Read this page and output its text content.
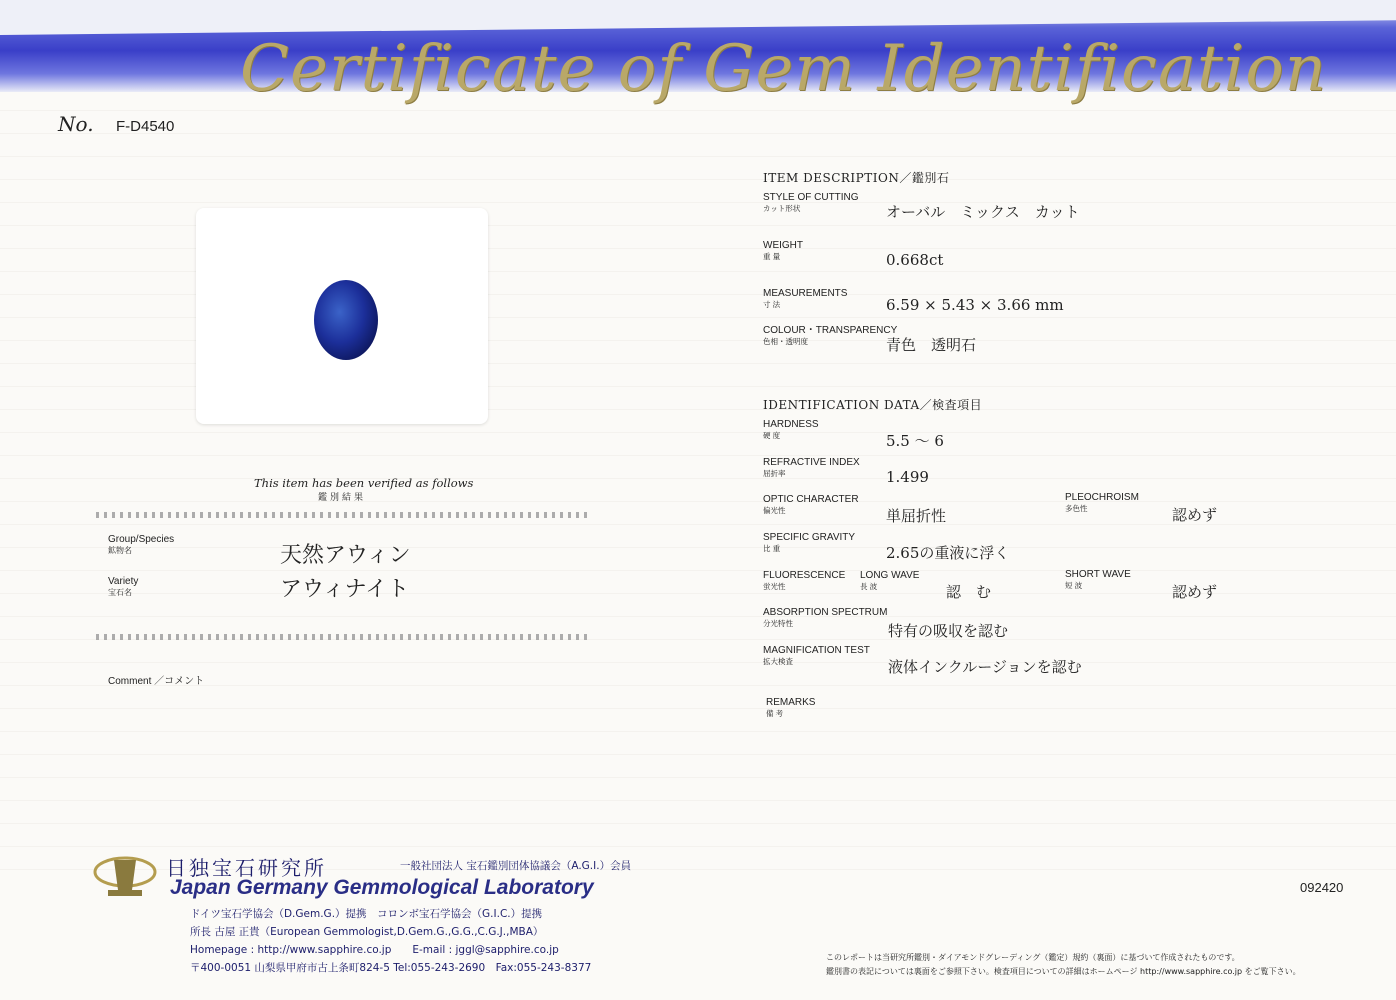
Certificate of Gem Identification
No. F-D4540
This item has been verified as follows
鑑別結果
Group/Species
鉱物名	天然アウィン
Variety
宝石名	アウィナイト
Comment ／コメント
ITEM DESCRIPTION／鑑別石
STYLE OF CUTTING
カット形状	オーバル　ミックス　カット
WEIGHT
重 量	0.668ct
MEASUREMENTS
寸 法	6.59 × 5.43 × 3.66 mm
COLOUR・TRANSPARENCY
色相・透明度	青色　透明石
IDENTIFICATION DATA／検査項目
HARDNESS
硬 度	5.5 ～ 6
REFRACTIVE INDEX
屈折率	1.499
OPTIC CHARACTER
偏光性	単屈折性
PLEOCHROISM
多色性	認めず
SPECIFIC GRAVITY
比 重	2.65の重液に浮く
FLUORESCENCE
蛍光性
LONG WAVE
長 波	認　む
SHORT WAVE
短 波	認めず
ABSORPTION SPECTRUM
分光特性	特有の吸収を認む
MAGNIFICATION TEST
拡大検査	液体インクルージョンを認む
REMARKS
備 考
日独宝石研究所	一般社団法人 宝石鑑別団体協議会（A.G.I.）会員
Japan Germany Gemmological Laboratory
ドイツ宝石学協会（D.Gem.G.）提携　コロンボ宝石学協会（G.I.C.）提携
所長 古屋 正貴（European Gemmologist,D.Gem.G.,G.G.,C.G.J.,MBA）
Homepage : http://www.sapphire.co.jp　　E-mail : jggl@sapphire.co.jp
〒400-0051 山梨県甲府市古上条町824-5 Tel:055-243-2690　Fax:055-243-8377
092420
このレポートは当研究所鑑別・ダイアモンドグレーディング（鑑定）規約（裏面）に基づいて作成されたものです。
鑑別書の表記については裏面をご参照下さい。検査項目についての詳細はホームページ http://www.sapphire.co.jp をご覧下さい。
